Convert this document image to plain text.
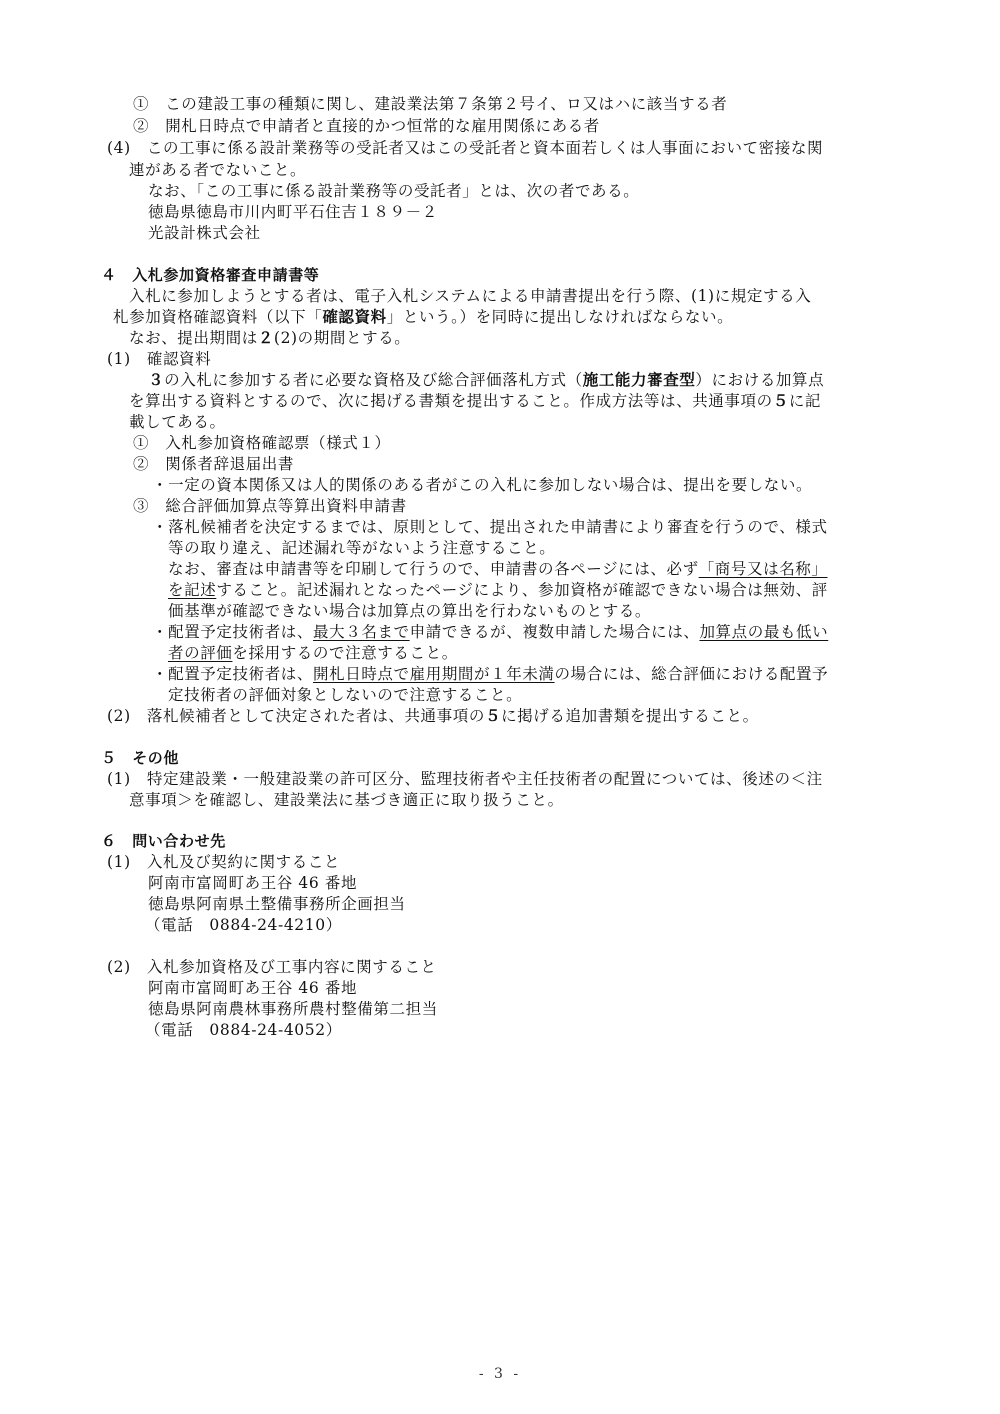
①　この建設工事の種類に関し、建設業法第７条第２号イ、ロ又はハに該当する者
②　開札日時点で申請者と直接的かつ恒常的な雇用関係にある者
(4)　この工事に係る設計業務等の受託者又はこの受託者と資本面若しくは人事面において密接な関
連がある者でないこと。
なお、「この工事に係る設計業務等の受託者」とは、次の者である。
徳島県徳島市川内町平石住吉１８９－２
光設計株式会社
４　入札参加資格審査申請書等
入札に参加しようとする者は、電子入札システムによる申請書提出を行う際、(1)に規定する入
札参加資格確認資料（以下「確認資料」という。）を同時に提出しなければならない。
なお、提出期間は２(2)の期間とする。
(1)　確認資料
３の入札に参加する者に必要な資格及び総合評価落札方式（施工能力審査型）における加算点
を算出する資料とするので、次に掲げる書類を提出すること。作成方法等は、共通事項の５に記
載してある。
①　入札参加資格確認票（様式１）
②　関係者辞退届出書
・一定の資本関係又は人的関係のある者がこの入札に参加しない場合は、提出を要しない。
③　総合評価加算点等算出資料申請書
・落札候補者を決定するまでは、原則として、提出された申請書により審査を行うので、様式
等の取り違え、記述漏れ等がないよう注意すること。
なお、審査は申請書等を印刷して行うので、申請書の各ページには、必ず「商号又は名称」
を記述すること。記述漏れとなったページにより、参加資格が確認できない場合は無効、評
価基準が確認できない場合は加算点の算出を行わないものとする。
・配置予定技術者は、最大３名まで申請できるが、複数申請した場合には、加算点の最も低い
者の評価を採用するので注意すること。
・配置予定技術者は、開札日時点で雇用期間が１年未満の場合には、総合評価における配置予
定技術者の評価対象としないので注意すること。
(2)　落札候補者として決定された者は、共通事項の５に掲げる追加書類を提出すること。
５　その他
(1)　特定建設業・一般建設業の許可区分、監理技術者や主任技術者の配置については、後述の＜注
意事項＞を確認し、建設業法に基づき適正に取り扱うこと。
６　問い合わせ先
(1)　入札及び契約に関すること
阿南市富岡町あ王谷 46 番地
徳島県阿南県土整備事務所企画担当
（電話　0884-24-4210）
(2)　入札参加資格及び工事内容に関すること
阿南市富岡町あ王谷 46 番地
徳島県阿南農林事務所農村整備第二担当
（電話　0884-24-4052）
- 3 -
